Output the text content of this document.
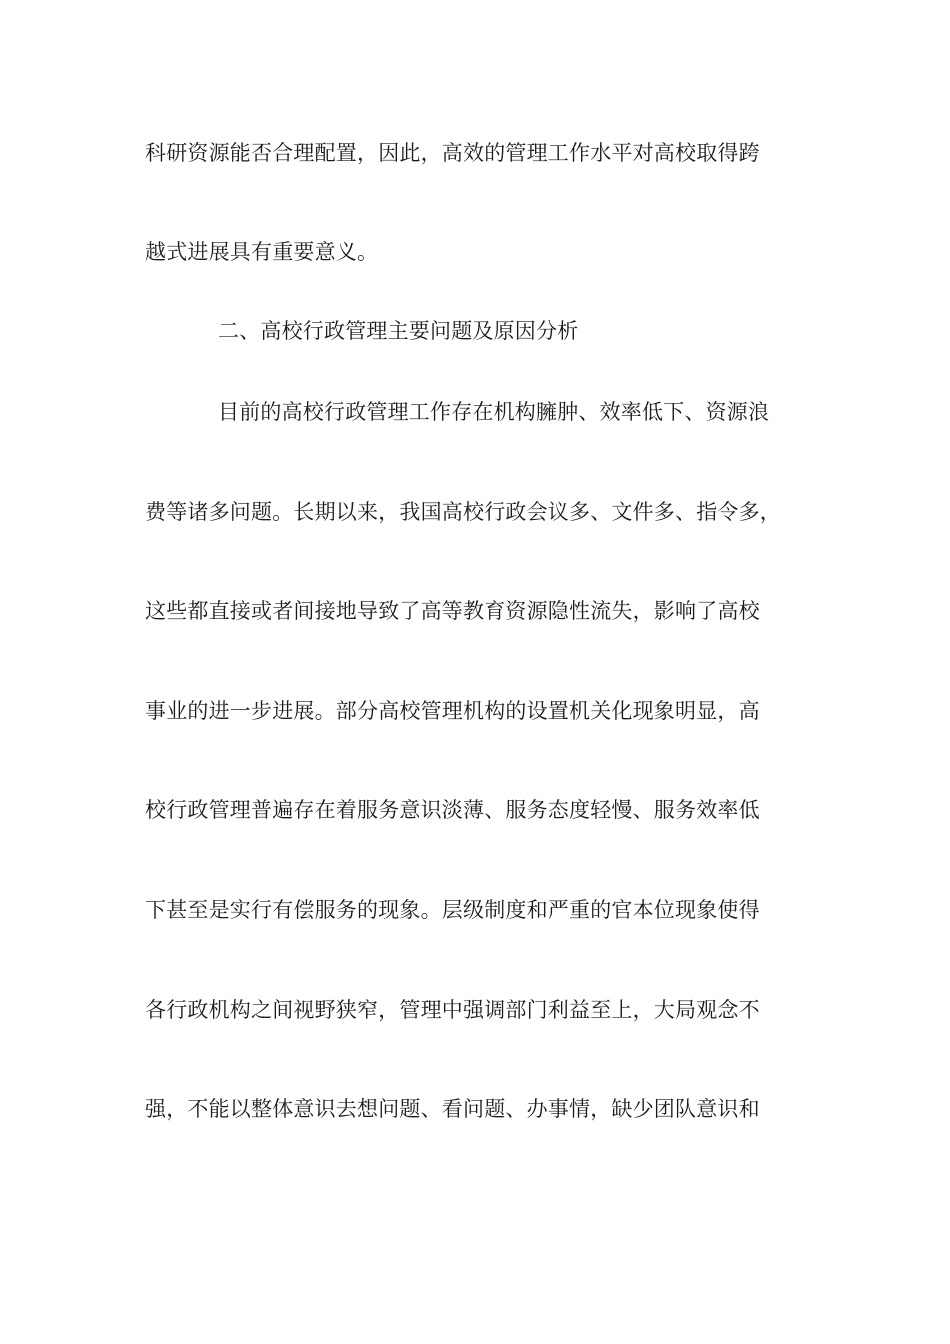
科研资源能否合理配置，因此，高效的管理工作水平对高校取得跨
越式进展具有重要意义。
二、高校行政管理主要问题及原因分析
目前的高校行政管理工作存在机构臃肿、效率低下、资源浪
费等诸多问题。长期以来，我国高校行政会议多、文件多、指令多，
这些都直接或者间接地导致了高等教育资源隐性流失，影响了高校
事业的进一步进展。部分高校管理机构的设置机关化现象明显，高
校行政管理普遍存在着服务意识淡薄、服务态度轻慢、服务效率低
下甚至是实行有偿服务的现象。层级制度和严重的官本位现象使得
各行政机构之间视野狭窄，管理中强调部门利益至上，大局观念不
强，不能以整体意识去想问题、看问题、办事情，缺少团队意识和
